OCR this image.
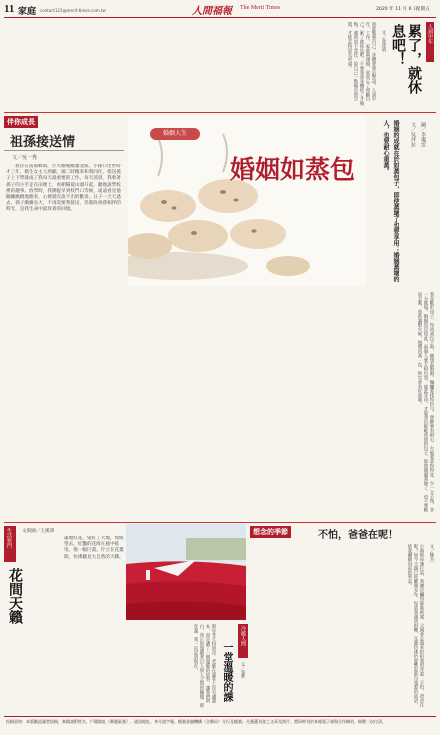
11 家庭 contact123@merit-times.com.tw	人間福報 The Merit Times	2020 年 11 月 6 日
星期五
人到中年
累了，就休息吧！
文／張達明
過度勉強自己，身體會發出警訊。人到中年，工作、家庭兩頭燒，常常忘了照顧自己。累了就休息吧，不要等到身體垮了才後悔，適時放下責任，給自己一點喘息的空間，才能走得更長更遠。
伴你成長
祖孫接送情
文／吳一秀
我住在南部鄉間，小犬婚後搬遷北部，小孫口出世時才三年，媽生女主人照顧，國二時搬來和我同住，接送孫子上下學就成了我每天最重要的工作。每天清晨，我牽著孫子的小手走在田埂上，看朝陽從山頭升起，聽他說學校裡的趣事。放學時，我總提早到校門口等候，遠遠看見他蹦蹦跳跳地跑來，心裡就有說不出的歡喜。日子一天天過去，孫子漸漸長大，不再需要我接送，但那段祖孫相伴的時光，是我生命中最珍貴的回憶。
婚姻人生
婚姻如蒸包	婚姻的成就在於如蒸包子，即使蒸壞了也要享用；婚姻蒸壞的人，也要耐心重蒸。	文／吳坪拉 圖／李瓊雲
我喜歡吃包子，每回蒸包子時，總想起婚姻。麵糰要揉得均勻，發酵要有耐心，火候要拿捏得宜，少一分不熟，多一分就塌。婚姻也是如此，兩個人要互相包容、彼此等待，才能蒸出鬆軟香甜的包子。即使偶爾蒸壞了，也不要輕易丟棄，重新調整火候，慢慢再蒸一次，終究會有好滋味。
生活快門
花間天籟
文與圖／王漢澤
滿地紅花，染紅了大地，放眼望去，紅豔的花海在風中搖曳，像一幅巨畫。佇立在花叢間，彷彿聽見大自然的天籟。
想念的季節	不怕，爸爸在呢！
文／陳杰
小時候每逢打雷，我總是嚇得躲進被窩，父親會走過來拍拍我的背說：不怕，爸爸在呢！如今父親已經離開多年，每當我遇到困難，耳邊彷彿仍會響起那句熟悉的話語，給我繼續向前的勇氣。
那年冬天特別冷，老師在課堂上沒有講課本，而是講了一個溫暖的故事，讓我們明白，真正的溫暖來自人與人之間的關懷。那堂課，我一直記到現在。	冷暖人間
一堂溫暖的課 文／張寶
投稿須知：本版歡迎讀者投稿，來稿請附姓名、戶籍地址（郵遞區號）、通訊地址、身分證字號、帳號金融機構（含郵局）分行及帳號；凡獲選刊登之文章及照片，將同時刊於本報電子報與合作網站，稿費一次付清。
